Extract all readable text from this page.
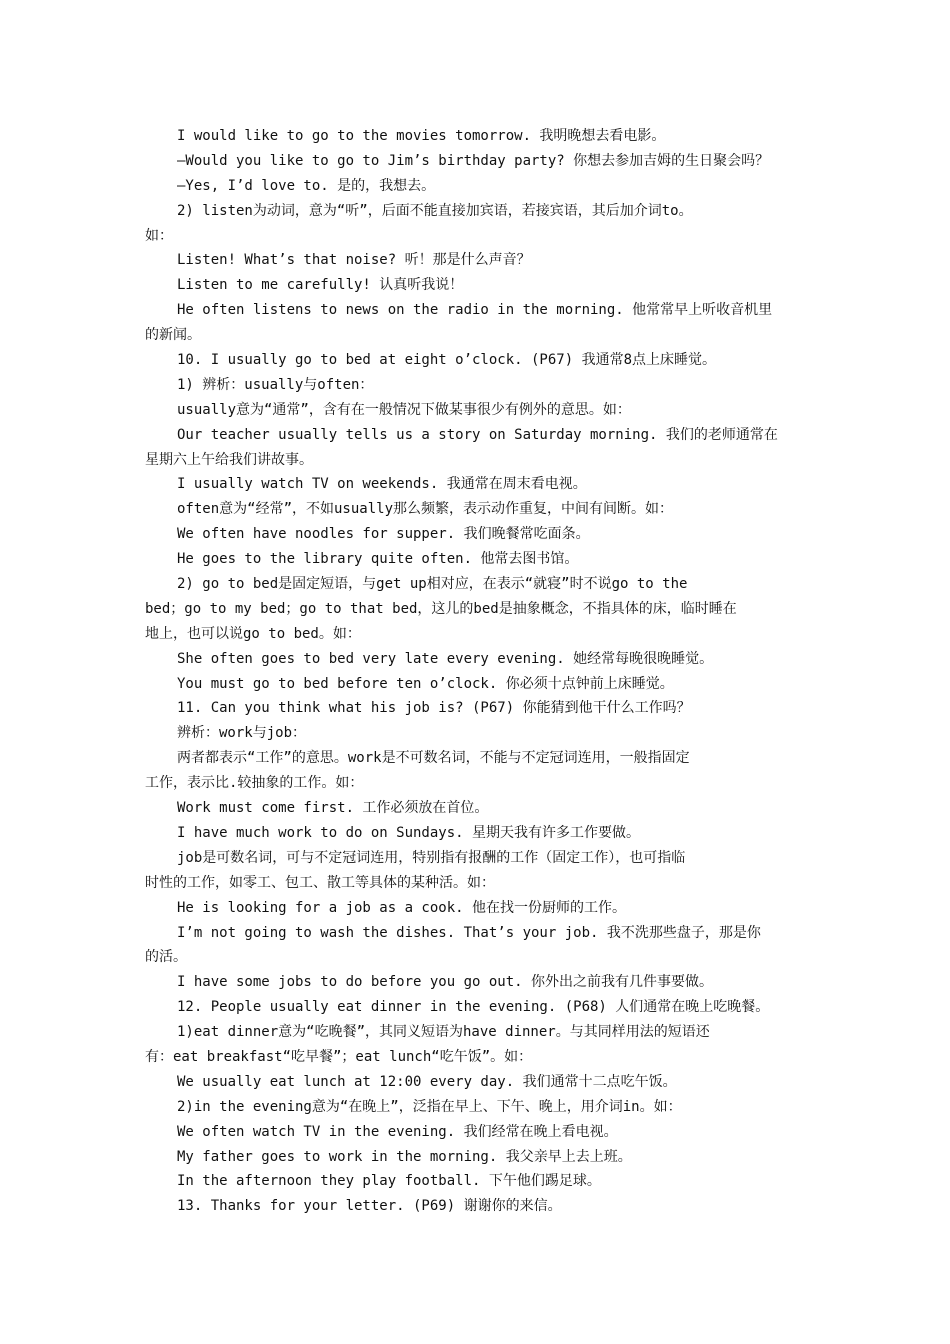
I would like to go to the movies tomorrow. 我明晚想去看电影。
—Would you like to go to Jim’s birthday party? 你想去参加吉姆的生日聚会吗？
—Yes, I’d love to. 是的，我想去。
2) listen为动词，意为“听”，后面不能直接加宾语，若接宾语，其后加介词to。
如：
Listen! What’s that noise? 听！那是什么声音？
Listen to me carefully! 认真听我说！
He often listens to news on the radio in the morning. 他常常早上听收音机里
的新闻。
10. I usually go to bed at eight o’clock. (P67) 我通常8点上床睡觉。
1) 辨析：usually与often：
usually意为“通常”，含有在一般情况下做某事很少有例外的意思。如：
Our teacher usually tells us a story on Saturday morning. 我们的老师通常在
星期六上午给我们讲故事。
I usually watch TV on weekends. 我通常在周末看电视。
often意为“经常”，不如usually那么频繁，表示动作重复，中间有间断。如：
We often have noodles for supper. 我们晚餐常吃面条。
He goes to the library quite often. 他常去图书馆。
2) go to bed是固定短语，与get up相对应，在表示“就寝”时不说go to the
bed；go to my bed；go to that bed，这儿的bed是抽象概念，不指具体的床，临时睡在
地上，也可以说go to bed。如：
She often goes to bed very late every evening. 她经常每晚很晚睡觉。
You must go to bed before ten o’clock. 你必须十点钟前上床睡觉。
11. Can you think what his job is? (P67) 你能猜到他干什么工作吗？
辨析：work与job：
两者都表示“工作”的意思。work是不可数名词，不能与不定冠词连用，一般指固定
工作，表示比.较抽象的工作。如：
Work must come first. 工作必须放在首位。
I have much work to do on Sundays. 星期天我有许多工作要做。
job是可数名词，可与不定冠词连用，特别指有报酬的工作（固定工作），也可指临
时性的工作，如零工、包工、散工等具体的某种活。如：
He is looking for a job as a cook. 他在找一份厨师的工作。
I’m not going to wash the dishes. That’s your job. 我不洗那些盘子，那是你
的活。
I have some jobs to do before you go out. 你外出之前我有几件事要做。
12. People usually eat dinner in the evening. (P68) 人们通常在晚上吃晚餐。
1)eat dinner意为“吃晚餐”，其同义短语为have dinner。与其同样用法的短语还
有：eat breakfast“吃早餐”；eat lunch“吃午饭”。如：
We usually eat lunch at 12:00 every day. 我们通常十二点吃午饭。
2)in the evening意为“在晚上”，泛指在早上、下午、晚上，用介词in。如：
We often watch TV in the evening. 我们经常在晚上看电视。
My father goes to work in the morning. 我父亲早上去上班。
In the afternoon they play football. 下午他们踢足球。
13. Thanks for your letter. (P69) 谢谢你的来信。
